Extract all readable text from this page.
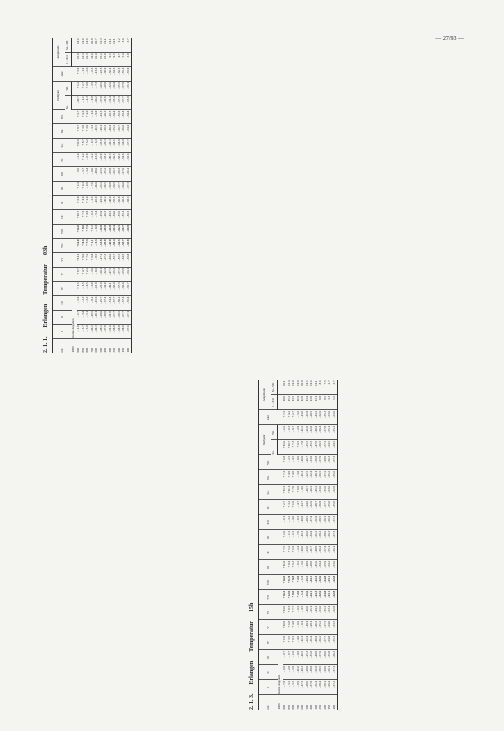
— 27/93 —
2. 1. 1.ErlangenTemperatur03h
mb	I	II	III	IV	V	VI	VII	VIII	IX	X	XI	XII	Fr.	So.	He.	Wi.	Halbjahr		Jahr	Amplitude	
																	So.	Wi.		I – XII	So.–Wi.
1000	Keine Angaben																				
900	– 1.9	– 1.7	– 5.0	+ 1.5	+ 8.7	+11.1	+14.0	+14.0	+10.7	+ 6.9	+ 2.4	0.0	– 5.0	+13.0	+ 8.7	+ 6.7	–10.7	+ 1.2	+ 5.9	15.9	14.6
850	– 3.7	– 3.4	– 2.3	– 1.5	+ 4.7	+ 9.6	+ 9.6	+ 9.6	+ 7.3	+ 4.0	+ 0.3	– 1.7	+ 1.2	+ 8.7	+ 3.9	+ 6.6	– 1.1	+ 2.7	– 1.1	13.3	11.6
800	– 5.0	– 5.1	– 3.3	– 0.5	+ 2.2	+ 7.2	+ 7.3	+ 7.3	+ 4.9	+ 2.9	– 0.9	– 3.4	– 0.9	+ 5.2	+ 3.9	+ 4.6	– 4.3	+ 0.9	– 2.6	12.3	11.6
700	–10.2	–10.5	– 8.2	– 6.9	– 3.6	+ 0.8	+ 1.1	+ 1.1	– 0.3	– 2.5	– 7.0	– 8.6	– 6.2	– 0.3	– 3.3	– 1.6	– 8.8	– 3.5	– 6.5	11.6	10.8
600	–19.3	–19.1	–15.6	–13.0	– 9.6	– 8.5	– 3.3	– 3.3	– 5.4	–10.0	–16.6	–18.6	–13.4	– 6.3	–11.5	– 9.0	–16.2	– 7.3	–13.0	12.4	10.7
500	–28.5	–28.9	–25.7	–23.0	–20.1	–17.1	–13.9	–13.9	–15.9	–18.6	–23.1	–23.5	–22.9	–15.0	–19.1	–14.5	–17.0	–20.5	–23.5	15.2	11.3
400	–37.9	–38.9	–37.4	–34.9	–32.4	–27.3	–25.9	–25.9	–26.3	–30.2	–34.5	–35.2	–33.2	–26.3	–30.3	–26.3	–33.6	–20.9	–30.0	13.0	11.1
300	–51.6	–51.9	–51.4	–49.1	–47.5	–44.6	–43.9	–43.9	–44.3	–48.4	–50.8	–50.9	–49.3	–45.3	–49.4	–43.5	–51.4	–32.6	–56.1	9.5	11.1
250	–58.8	–57.7	–57.7	–56.0	–55.3	–53.7	–53.4	–53.4	–54.0	–55.5	–56.5	–56.7	–56.5	–54.1	–55.2	–54.4	–55.4	–56.4	–54.5	9.5	11.1
200	–58.8	–58.5	–59.2	–57.3	–57.3	–55.5	–54.5	–54.5	–55.0	–56.9	–57.7	–58.3	–58.2	–54.9	–56.7	–55.0	–57.3	–55.5	–56.5	4.7	3.2
150	–58.9	–57.7	–57.6	–56.6	–55.9	–54.5	–53.7	–53.7	–55.1	–56.5	–56.6	–57.6	–54.6	–54.9	–56.6	–55.4	–57.7	–57.0	–55.1	5.4	3.6
100	–57.6	–57.1	–55.4	–55.7	–54.1	–53.8	–53.9	–53.9	–56.5	–58.3	–57.3	–56.1	–53.6	–57.7	–54.4	–54.4	–55.9	–55.1	–55.9	3.8	3.7
2. 1. 3.ErlangenTemperatur15h
mb	I	II	III	IV	V	VI	VII	VIII	IX	X	XI	XII	Fr.	So.	He.	Wi.	Halbjahr		Jahr	Amplitude	
																	So.	Wi.		I – XII	So.–Wi.
1000	Keine Angaben																				
900	– 7.8	– 0.9	– 0.7	+ 1.9	+10.9	+13.6	+16.2	+16.0	+11.9	+ 7.5	+ 2.6	– 0.1	+ 2.7	+15.3	+ 7.3	+ 6.8	+15.6	– 1.6	+ 7.2	18.0	16.1
850	– 3.2	– 2.9	– 0.7	+ 3.5	+ 6.8	+ 9.3	+12.0	+11.9	+ 8.4	+ 5.2	– 1.3	– 3.2	+ 3.2	+11.1	+ 4.9	– 2.5	+10.7	– 0.3	+ 4.2	15.2	13.4
800	– 5.5	– 5.9	– 1.0	+ 0.3	+ 4.8	+ 7.7	+ 9.0	+ 8.8	+ 6.3	+ 1.9	– 1.5	– 4.6	+ 1.0	+ 7.0	+ 4.0	– 4.5	+ 7.3	– 0.7	+ 2.7	13.5	11.9
700	– 9.9	–11.0	– 8.6	– 4.0	– 0.6	– 0.2	+ 2.0	+ 2.0	– 0.2	– 2.4	– 7.0	– 9.3	– 4.7	+ 0.9	– 3.8	– 8.6	+ 0.5	– 2.9	– 5.6	11.9	11.8
600	–17.3	–19.3	–16.5	–12.1	– 9.4	– 4.5	– 1.4	– 1.3	– 5.6	–10.0	–15.3	–16.8	–13.7	– 4.6	–11.3	–16.9	– 7.8	–11.2	–13.0	12.9	10.8
500	–28.0	–28.9	–25.3	–22.4	–19.4	–16.0	–15.6	–15.5	–18.9	–23.0	–26.0	–28.5	–24.0	–16.7	–22.5	–26.7	–25.5	–21.8	–21.8	13.4	11.5
400	–37.8	–38.8	–35.6	–31.4	–28.1	–25.1	–24.1	–24.1	–28.0	–31.7	–34.4	–37.4	–32.6	–26.2	–32.4	–33.9	–35.5	–32.8	–28.5	13.8	11.6
300	–51.4	–51.9	–49.8	–48.4	–46.3	–44.3	–43.2	–43.2	–45.6	–48.9	–51.2	–51.8	–49.7	–45.2	–49.1	–50.8	–47.0	–48.4	–43.2	13.1	11.1
250	–58.4	–58.5	–57.6	–56.2	–55.2	–53.6	–52.6	–52.6	–54.4	–56.4	–58.2	–58.5	–56.9	–53.6	–56.5	–57.9	–56.5	–56.4	–52.6	9.8	8.6
200	–59.1	–59.0	–58.6	–57.7	–57.3	–55.3	–54.8	–54.8	–55.9	–57.4	–58.6	–59.1	–57.7	–55.0	–57.2	–58.9	–57.3	–57.8	–55.3	8.5	7.5
150	–56.4	–56.1	–55.8	–54.8	–54.0	–53.1	–53.1	–53.1	–54.2	–55.1	–56.3	–56.4	–55.0	–53.6	–55.2	–56.3	–54.5	–55.1	–53.6	3.3	2.7
100	–57.2	–57.3	–56.3	–55.3	–53.3	–52.8	–52.8	–52.8	–53.6	–56.1	–57.3	–57.3	–55.0	–52.9	–55.6	–57.3	–54.5	–55.3	–53.6	5.5	3.7
